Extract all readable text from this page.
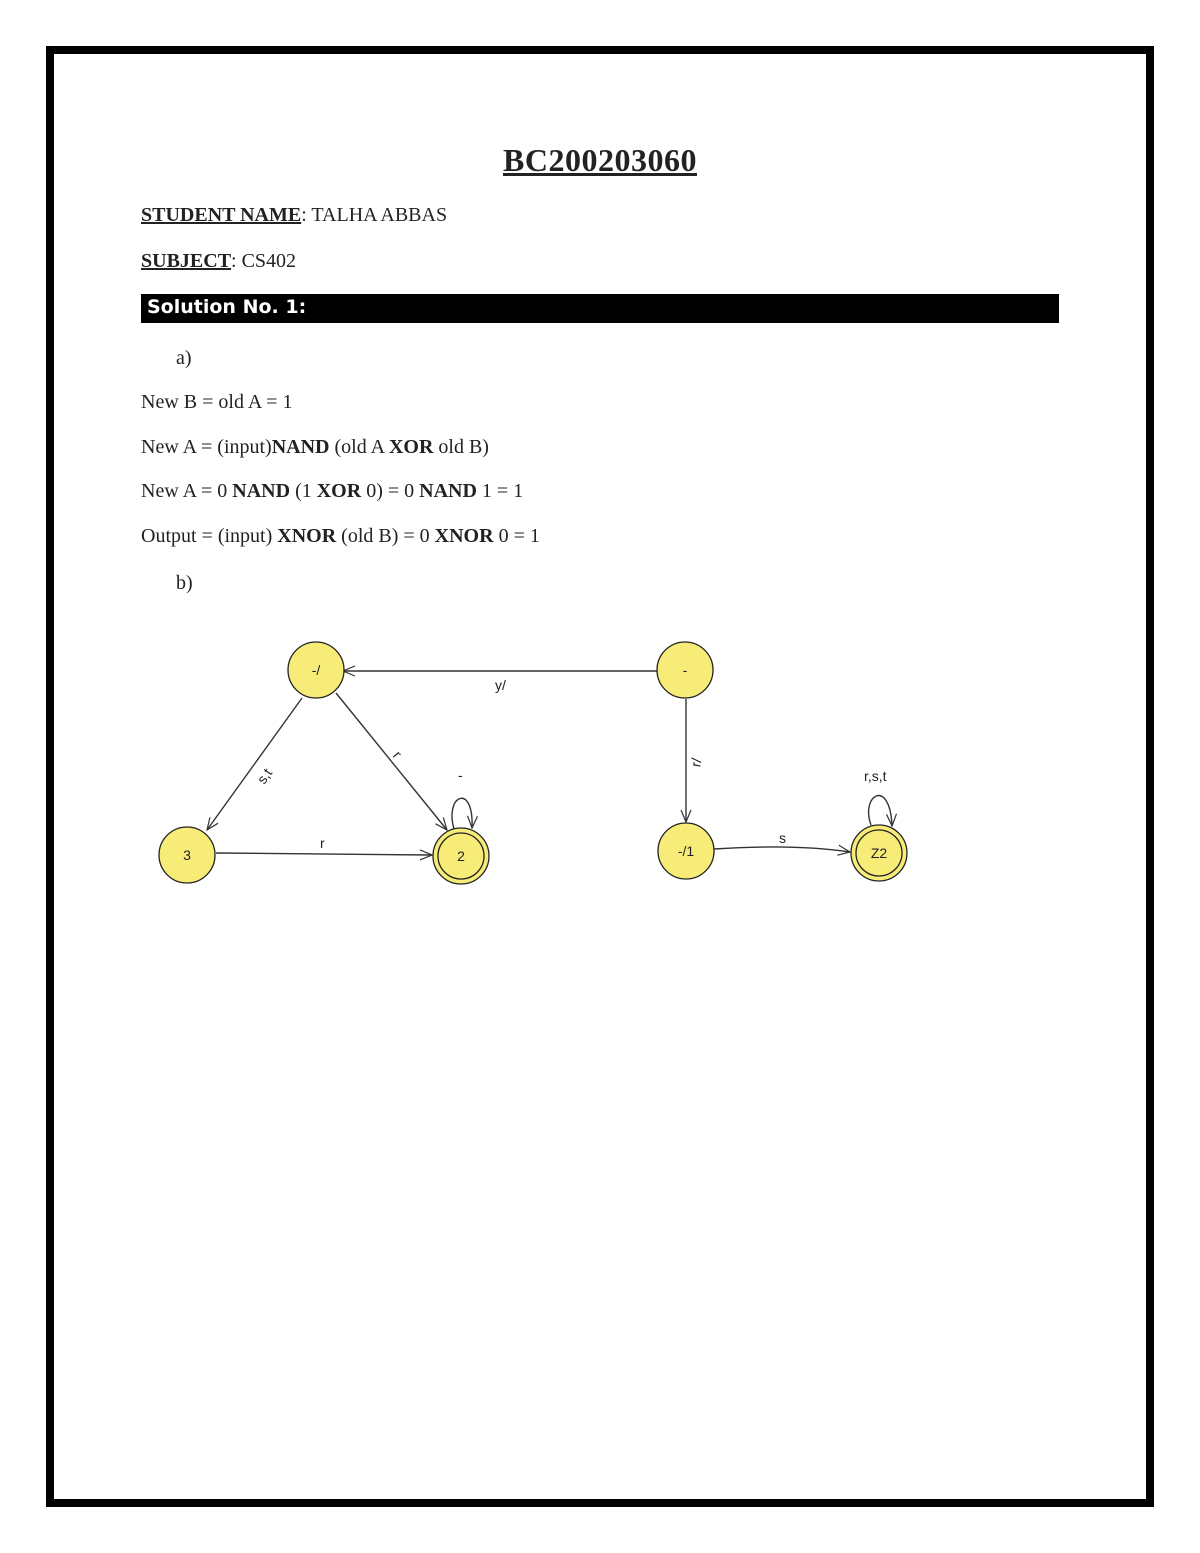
BC200203060
STUDENT NAME: TALHA ABBAS
SUBJECT: CS402
Solution No. 1:
a)
New B = old A = 1
New A = (input)NAND (old A XOR old B)
New A = 0 NAND (1 XOR 0) = 0 NAND 1 = 1
Output = (input) XNOR (old B) = 0 XNOR 0 = 1
b)
y/
s,t
r
r
-
r/
s
r,s,t
-/	-
3	2	-/1	Z2
